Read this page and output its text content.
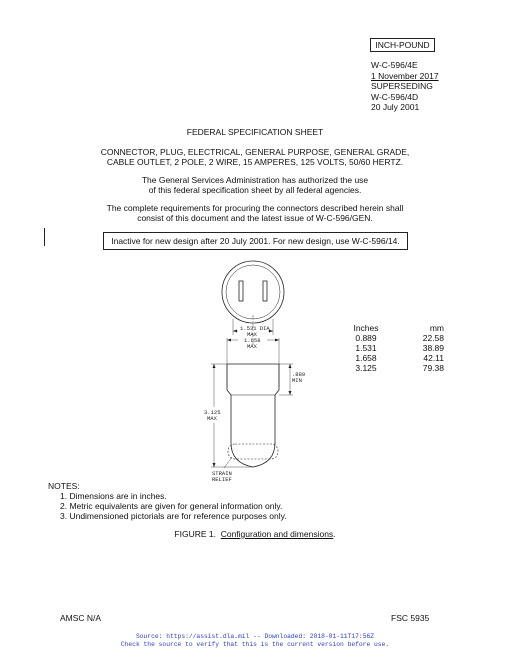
INCH-POUND
W-C-596/4E
1 November 2017
SUPERSEDING
W-C-596/4D
20 July 2001
FEDERAL SPECIFICATION SHEET
CONNECTOR, PLUG, ELECTRICAL, GENERAL PURPOSE, GENERAL GRADE,
CABLE OUTLET, 2 POLE, 2 WIRE, 15 AMPERES, 125 VOLTS, 50/60 HERTZ.
The General Services Administration has authorized the use
of this federal specification sheet by all federal agencies.
The complete requirements for procuring the connectors described herein shall
consist of this document and the latest issue of W-C-596/GEN.
Inactive for new design after 20 July 2001. For new design, use W-C-596/14.
1.531 DIA
MAX
1.658
MAX
.889
MIN
3.125
MAX
STRAIN
RELIEF
Inches	mm
0.889	22.58
1.531	38.89
1.658	42.11
3.125	79.38
NOTES:
1. Dimensions are in inches.
2. Metric equivalents are given for general information only.
3. Undimensioned pictorials are for reference purposes only.
FIGURE 1. Configuration and dimensions.
AMSC N/A	FSC 5935
Source: https://assist.dla.mil -- Downloaded: 2018-01-11T17:56Z
Check the source to verify that this is the current version before use.
